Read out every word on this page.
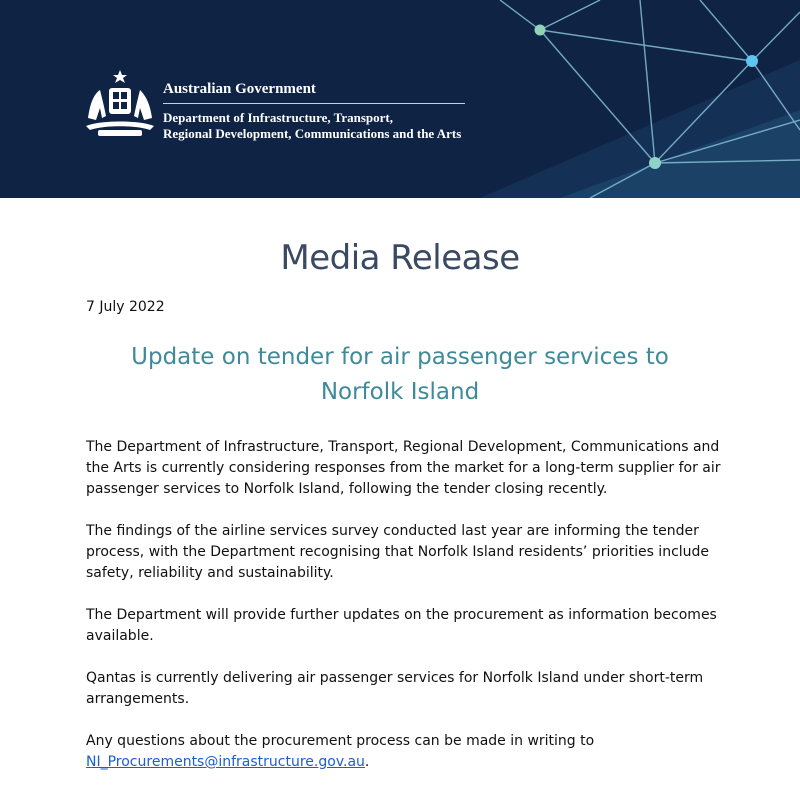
Australian Government
Department of Infrastructure, Transport,
Regional Development, Communications and the Arts
Media Release
7 July 2022
Update on tender for air passenger services to
Norfolk Island

The Department of Infrastructure, Transport, Regional Development, Communications and the Arts is currently considering responses from the market for a long-term supplier for air passenger services to Norfolk Island, following the tender closing recently.

The findings of the airline services survey conducted last year are informing the tender process, with the Department recognising that Norfolk Island residents’ priorities include safety, reliability and sustainability.

The Department will provide further updates on the procurement as information becomes available.

Qantas is currently delivering air passenger services for Norfolk Island under short-term arrangements.

Any questions about the procurement process can be made in writing to
NI_Procurements@infrastructure.gov.au.
